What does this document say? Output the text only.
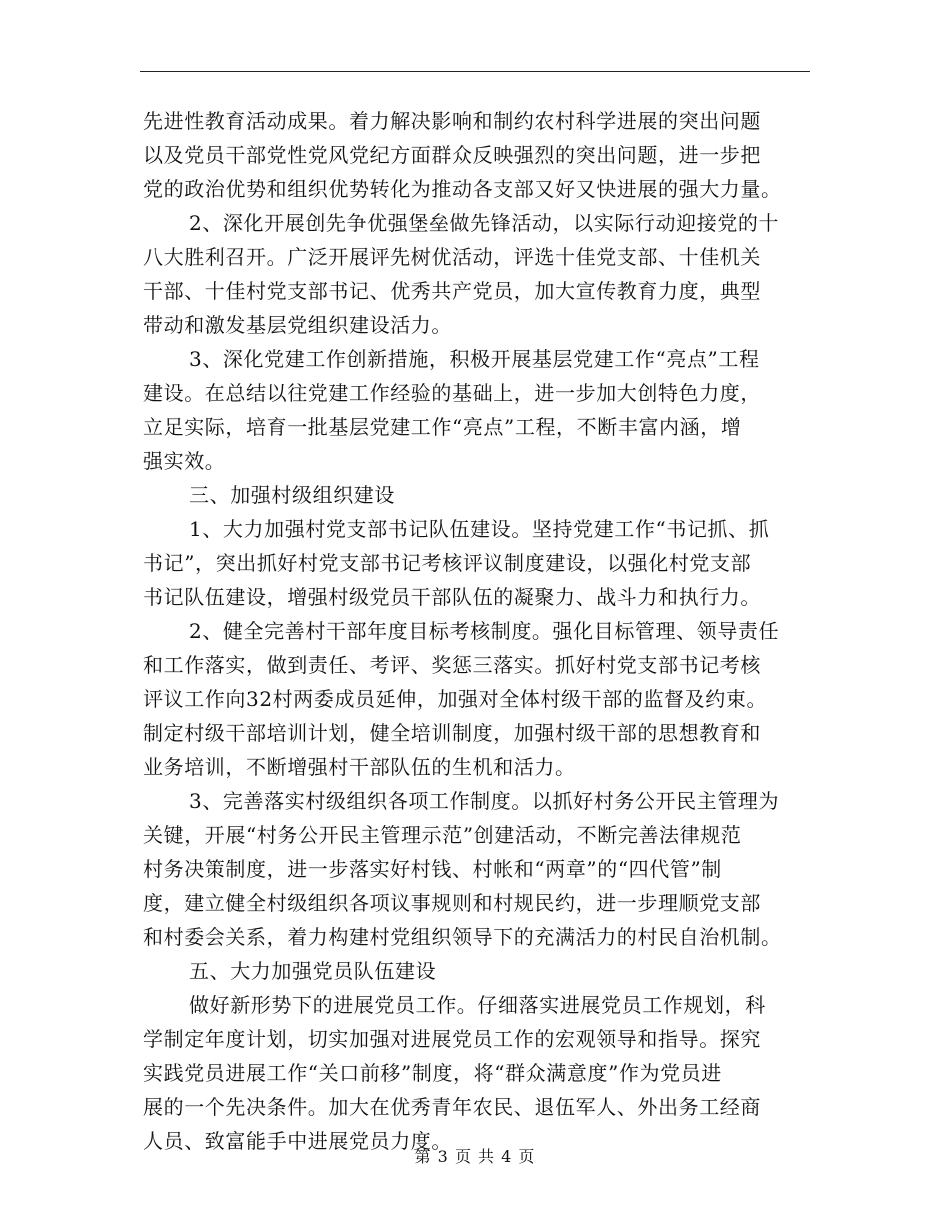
先进性教育活动成果。着力解决影响和制约农村科学进展的突出问题
以及党员干部党性党风党纪方面群众反映强烈的突出问题，进一步把
党的政治优势和组织优势转化为推动各支部又好又快进展的强大力量。
2、深化开展创先争优强堡垒做先锋活动，以实际行动迎接党的十
八大胜利召开。广泛开展评先树优活动，评选十佳党支部、十佳机关
干部、十佳村党支部书记、优秀共产党员，加大宣传教育力度，典型
带动和激发基层党组织建设活力。
3、深化党建工作创新措施，积极开展基层党建工作“亮点”工程
建设。在总结以往党建工作经验的基础上，进一步加大创特色力度，
立足实际，培育一批基层党建工作“亮点”工程，不断丰富内涵，增
强实效。
三、加强村级组织建设
1、大力加强村党支部书记队伍建设。坚持党建工作“书记抓、抓
书记”，突出抓好村党支部书记考核评议制度建设，以强化村党支部
书记队伍建设，增强村级党员干部队伍的凝聚力、战斗力和执行力。
2、健全完善村干部年度目标考核制度。强化目标管理、领导责任
和工作落实，做到责任、考评、奖惩三落实。抓好村党支部书记考核
评议工作向32村两委成员延伸，加强对全体村级干部的监督及约束。
制定村级干部培训计划，健全培训制度，加强村级干部的思想教育和
业务培训，不断增强村干部队伍的生机和活力。
3、完善落实村级组织各项工作制度。以抓好村务公开民主管理为
关键，开展“村务公开民主管理示范”创建活动，不断完善法律规范
村务决策制度，进一步落实好村钱、村帐和“两章”的“四代管”制
度，建立健全村级组织各项议事规则和村规民约，进一步理顺党支部
和村委会关系，着力构建村党组织领导下的充满活力的村民自治机制。
五、大力加强党员队伍建设
做好新形势下的进展党员工作。仔细落实进展党员工作规划，科
学制定年度计划，切实加强对进展党员工作的宏观领导和指导。探究
实践党员进展工作“关口前移”制度，将“群众满意度”作为党员进
展的一个先决条件。加大在优秀青年农民、退伍军人、外出务工经商
人员、致富能手中进展党员力度。
第 3 页 共 4 页
